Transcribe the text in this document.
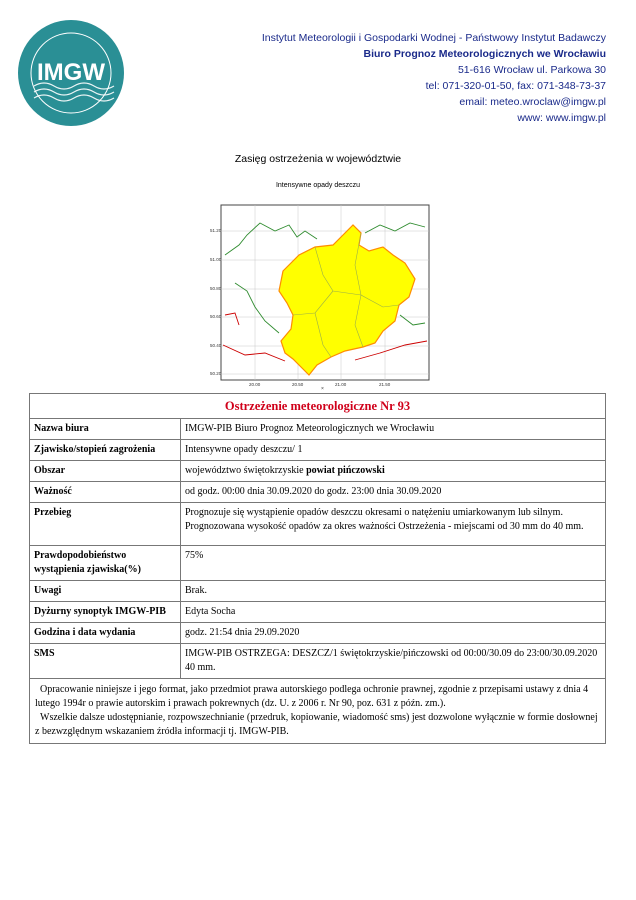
IMGW
Instytut Meteorologii i Gospodarki Wodnej - Państwowy Instytut Badawczy
Biuro Prognoz Meteorologicznych we Wrocławiu
51-616 Wrocław ul. Parkowa 30
tel: 071-320-01-50, fax: 071-348-73-37
email: meteo.wroclaw@imgw.pl
www: www.imgw.pl
Zasięg ostrzeżenia w województwie
Intensywne opady deszczu
51.20
51.00
50.80
50.60
50.40
50.20
20.00	20.50	21.00	21.50
×
Ostrzeżenie meteorologiczne Nr 93	
Nazwa biura	IMGW-PIB Biuro Prognoz Meteorologicznych we Wrocławiu
Zjawisko/stopień zagrożenia	Intensywne opady deszczu/ 1
Obszar	województwo świętokrzyskie powiat pińczowski
Ważność	od godz. 00:00 dnia 30.09.2020 do godz. 23:00 dnia 30.09.2020
Przebieg	Prognozuje się wystąpienie opadów deszczu okresami o natężeniu umiarkowanym lub silnym. Prognozowana wysokość opadów za okres ważności Ostrzeżenia - miejscami od 30 mm do 40 mm.
Prawdopodobieństwo wystąpienia zjawiska(%)	75%
Uwagi	Brak.
Dyżurny synoptyk IMGW-PIB	Edyta Socha
Godzina i data wydania	godz. 21:54 dnia 29.09.2020
SMS	IMGW-PIB OSTRZEGA: DESZCZ/1 świętokrzyskie/pińczowski od 00:00/30.09 do 23:00/30.09.2020 40 mm.
Opracowanie niniejsze i jego format, jako przedmiot prawa autorskiego podlega ochronie prawnej, zgodnie z przepisami ustawy z dnia 4 lutego 1994r o prawie autorskim i prawach pokrewnych (dz. U. z 2006 r. Nr 90, poz. 631 z późn. zm.).
Wszelkie dalsze udostępnianie, rozpowszechnianie (przedruk, kopiowanie, wiadomość sms) jest dozwolone wyłącznie w formie dosłownej z bezwzględnym wskazaniem źródła informacji tj. IMGW-PIB.	
